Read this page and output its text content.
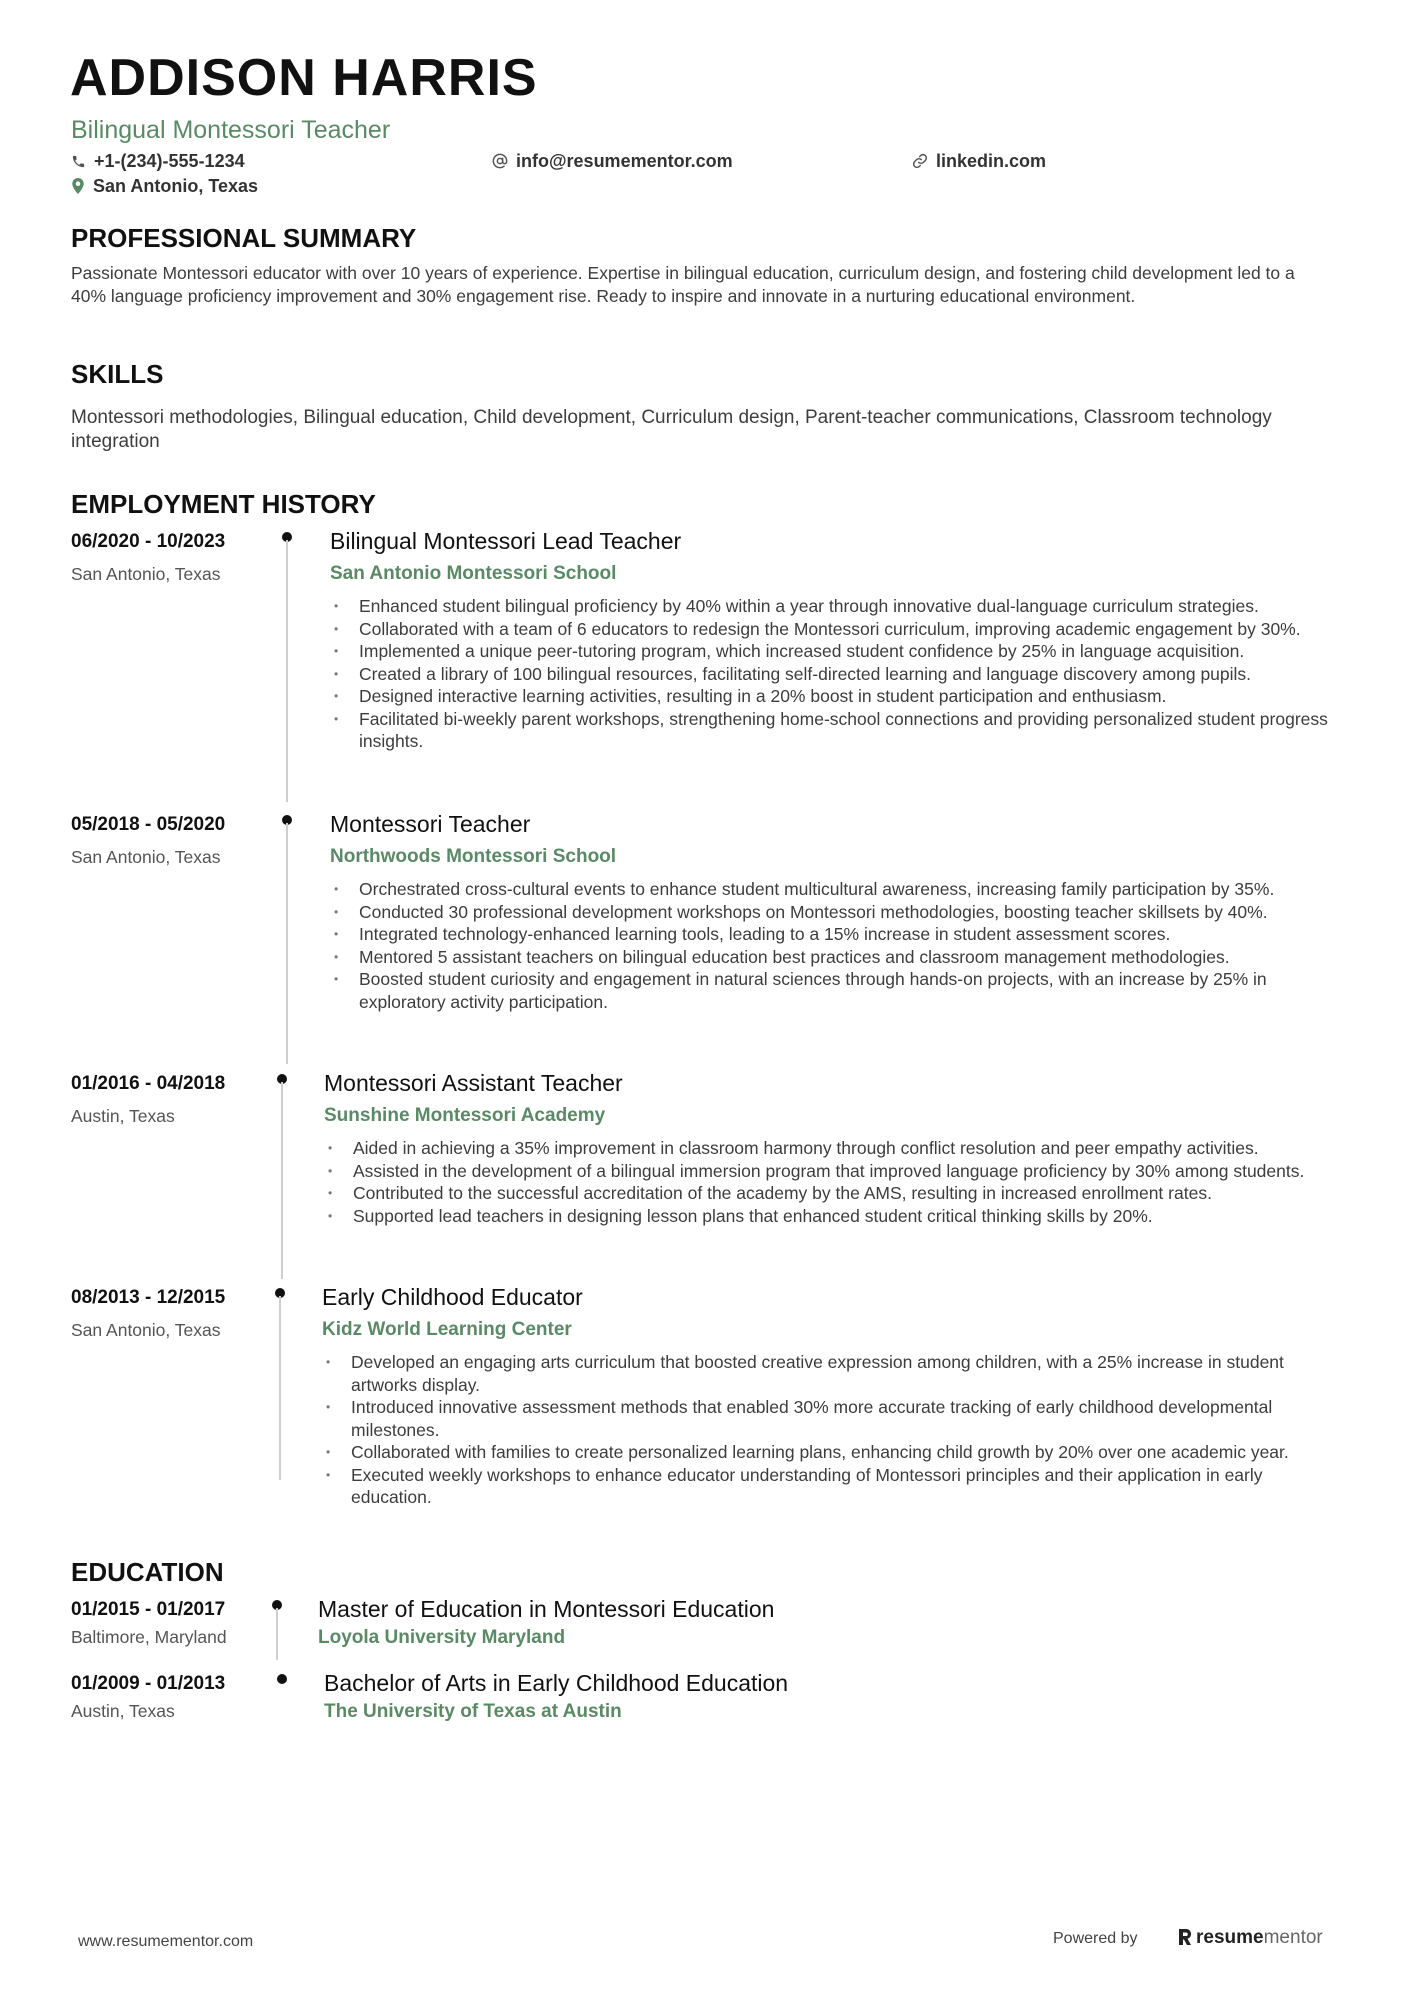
ADDISON HARRIS
Bilingual Montessori Teacher
+1-(234)-555-1234	info@resumementor.com	linkedin.com
San Antonio, Texas
PROFESSIONAL SUMMARY
Passionate Montessori educator with over 10 years of experience. Expertise in bilingual education, curriculum design, and fostering child development led to a 40% language proficiency improvement and 30% engagement rise. Ready to inspire and innovate in a nurturing educational environment.
SKILLS
Montessori methodologies, Bilingual education, Child development, Curriculum design, Parent-teacher communications, Classroom technology integration
EMPLOYMENT HISTORY
06/2020 - 10/2023
San Antonio, Texas
Bilingual Montessori Lead Teacher
San Antonio Montessori School
• Enhanced student bilingual proficiency by 40% within a year through innovative dual-language curriculum strategies.
• Collaborated with a team of 6 educators to redesign the Montessori curriculum, improving academic engagement by 30%.
• Implemented a unique peer-tutoring program, which increased student confidence by 25% in language acquisition.
• Created a library of 100 bilingual resources, facilitating self-directed learning and language discovery among pupils.
• Designed interactive learning activities, resulting in a 20% boost in student participation and enthusiasm.
• Facilitated bi-weekly parent workshops, strengthening home-school connections and providing personalized student progress insights.
05/2018 - 05/2020
San Antonio, Texas
Montessori Teacher
Northwoods Montessori School
• Orchestrated cross-cultural events to enhance student multicultural awareness, increasing family participation by 35%.
• Conducted 30 professional development workshops on Montessori methodologies, boosting teacher skillsets by 40%.
• Integrated technology-enhanced learning tools, leading to a 15% increase in student assessment scores.
• Mentored 5 assistant teachers on bilingual education best practices and classroom management methodologies.
• Boosted student curiosity and engagement in natural sciences through hands-on projects, with an increase by 25% in exploratory activity participation.
01/2016 - 04/2018
Austin, Texas
Montessori Assistant Teacher
Sunshine Montessori Academy
• Aided in achieving a 35% improvement in classroom harmony through conflict resolution and peer empathy activities.
• Assisted in the development of a bilingual immersion program that improved language proficiency by 30% among students.
• Contributed to the successful accreditation of the academy by the AMS, resulting in increased enrollment rates.
• Supported lead teachers in designing lesson plans that enhanced student critical thinking skills by 20%.
08/2013 - 12/2015
San Antonio, Texas
Early Childhood Educator
Kidz World Learning Center
• Developed an engaging arts curriculum that boosted creative expression among children, with a 25% increase in student artworks display.
• Introduced innovative assessment methods that enabled 30% more accurate tracking of early childhood developmental milestones.
• Collaborated with families to create personalized learning plans, enhancing child growth by 20% over one academic year.
• Executed weekly workshops to enhance educator understanding of Montessori principles and their application in early education.
EDUCATION
01/2015 - 01/2017
Baltimore, Maryland
Master of Education in Montessori Education
Loyola University Maryland
01/2009 - 01/2013
Austin, Texas
Bachelor of Arts in Early Childhood Education
The University of Texas at Austin
www.resumementor.com	Powered by	resume mentor
